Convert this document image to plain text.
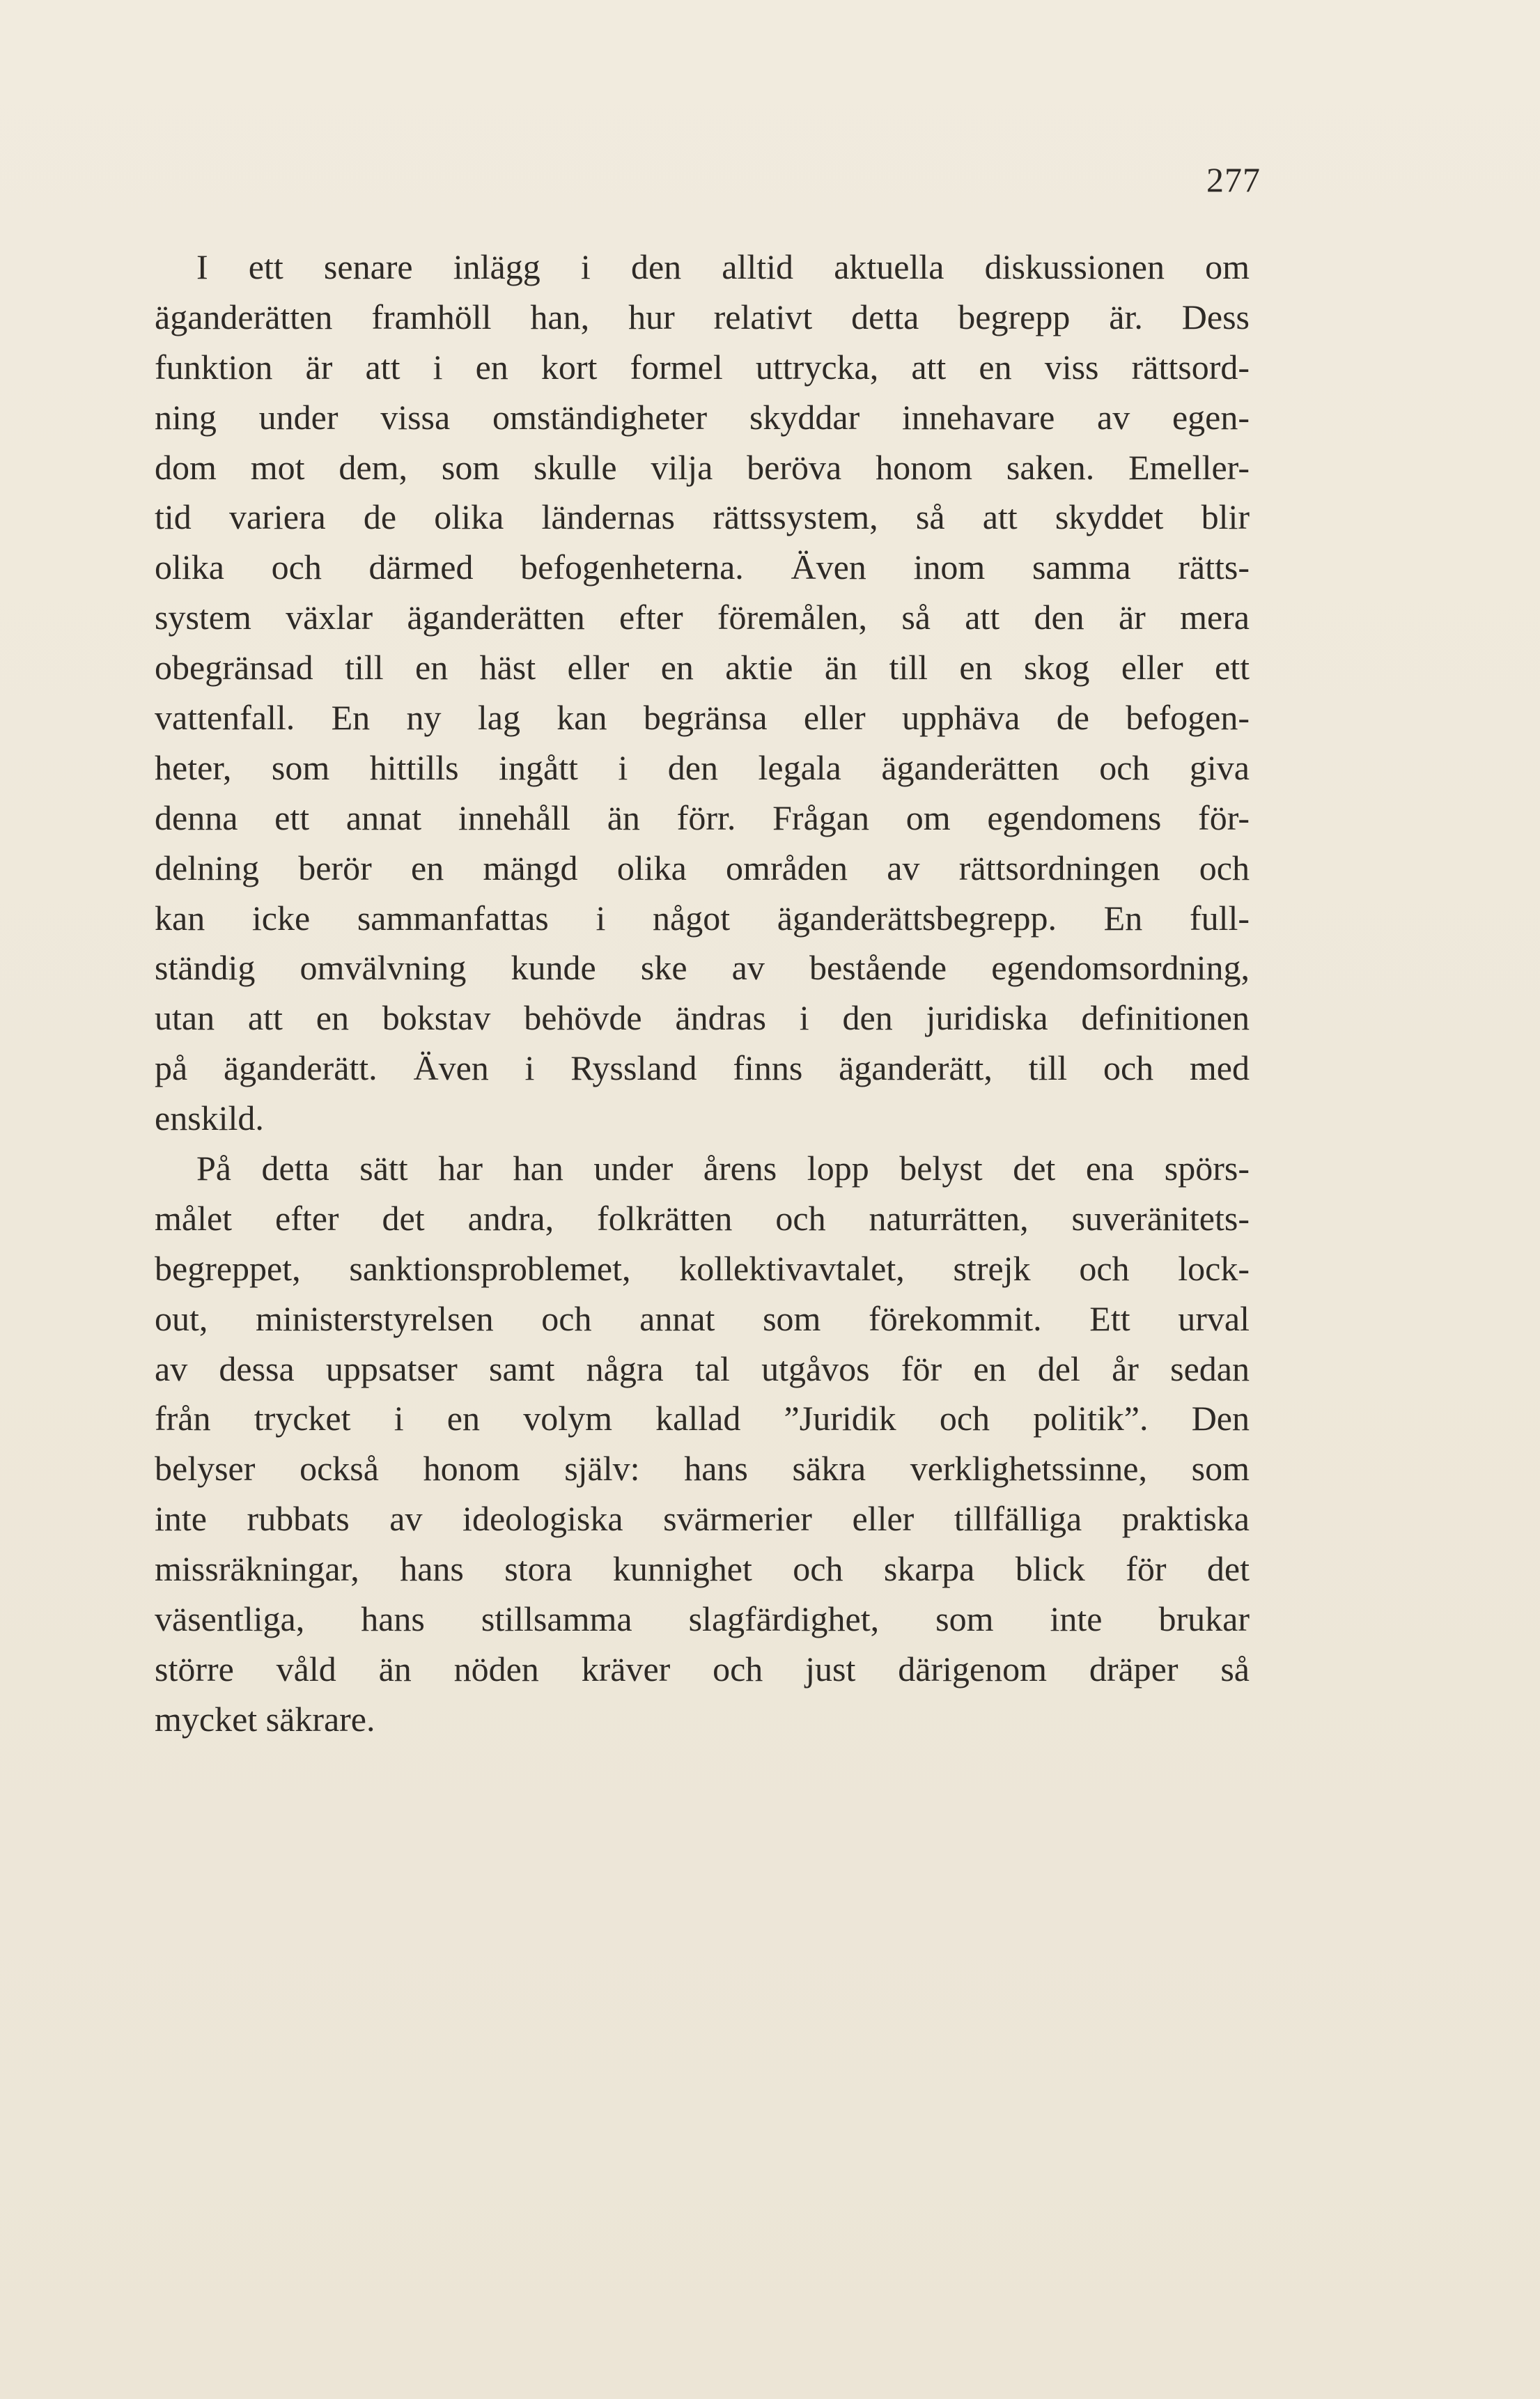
277
I ett senare inlägg i den alltid aktuella diskussionen om
äganderätten framhöll han, hur relativt detta begrepp är. Dess
funktion är att i en kort formel uttrycka, att en viss rättsord-
ning under vissa omständigheter skyddar innehavare av egen-
dom mot dem, som skulle vilja beröva honom saken. Emeller-
tid variera de olika ländernas rättssystem, så att skyddet blir
olika och därmed befogenheterna. Även inom samma rätts-
system växlar äganderätten efter föremålen, så att den är mera
obegränsad till en häst eller en aktie än till en skog eller ett
vattenfall. En ny lag kan begränsa eller upphäva de befogen-
heter, som hittills ingått i den legala äganderätten och giva
denna ett annat innehåll än förr. Frågan om egendomens för-
delning berör en mängd olika områden av rättsordningen och
kan icke sammanfattas i något äganderättsbegrepp. En full-
ständig omvälvning kunde ske av bestående egendomsordning,
utan att en bokstav behövde ändras i den juridiska definitionen
på äganderätt. Även i Ryssland finns äganderätt, till och med
enskild.
På detta sätt har han under årens lopp belyst det ena spörs-
målet efter det andra, folkrätten och naturrätten, suveränitets-
begreppet, sanktionsproblemet, kollektivavtalet, strejk och lock-
out, ministerstyrelsen och annat som förekommit. Ett urval
av dessa uppsatser samt några tal utgåvos för en del år sedan
från trycket i en volym kallad ”Juridik och politik”. Den
belyser också honom själv: hans säkra verklighetssinne, som
inte rubbats av ideologiska svärmerier eller tillfälliga praktiska
missräkningar, hans stora kunnighet och skarpa blick för det
väsentliga, hans stillsamma slagfärdighet, som inte brukar
större våld än nöden kräver och just därigenom dräper så
mycket säkrare.
